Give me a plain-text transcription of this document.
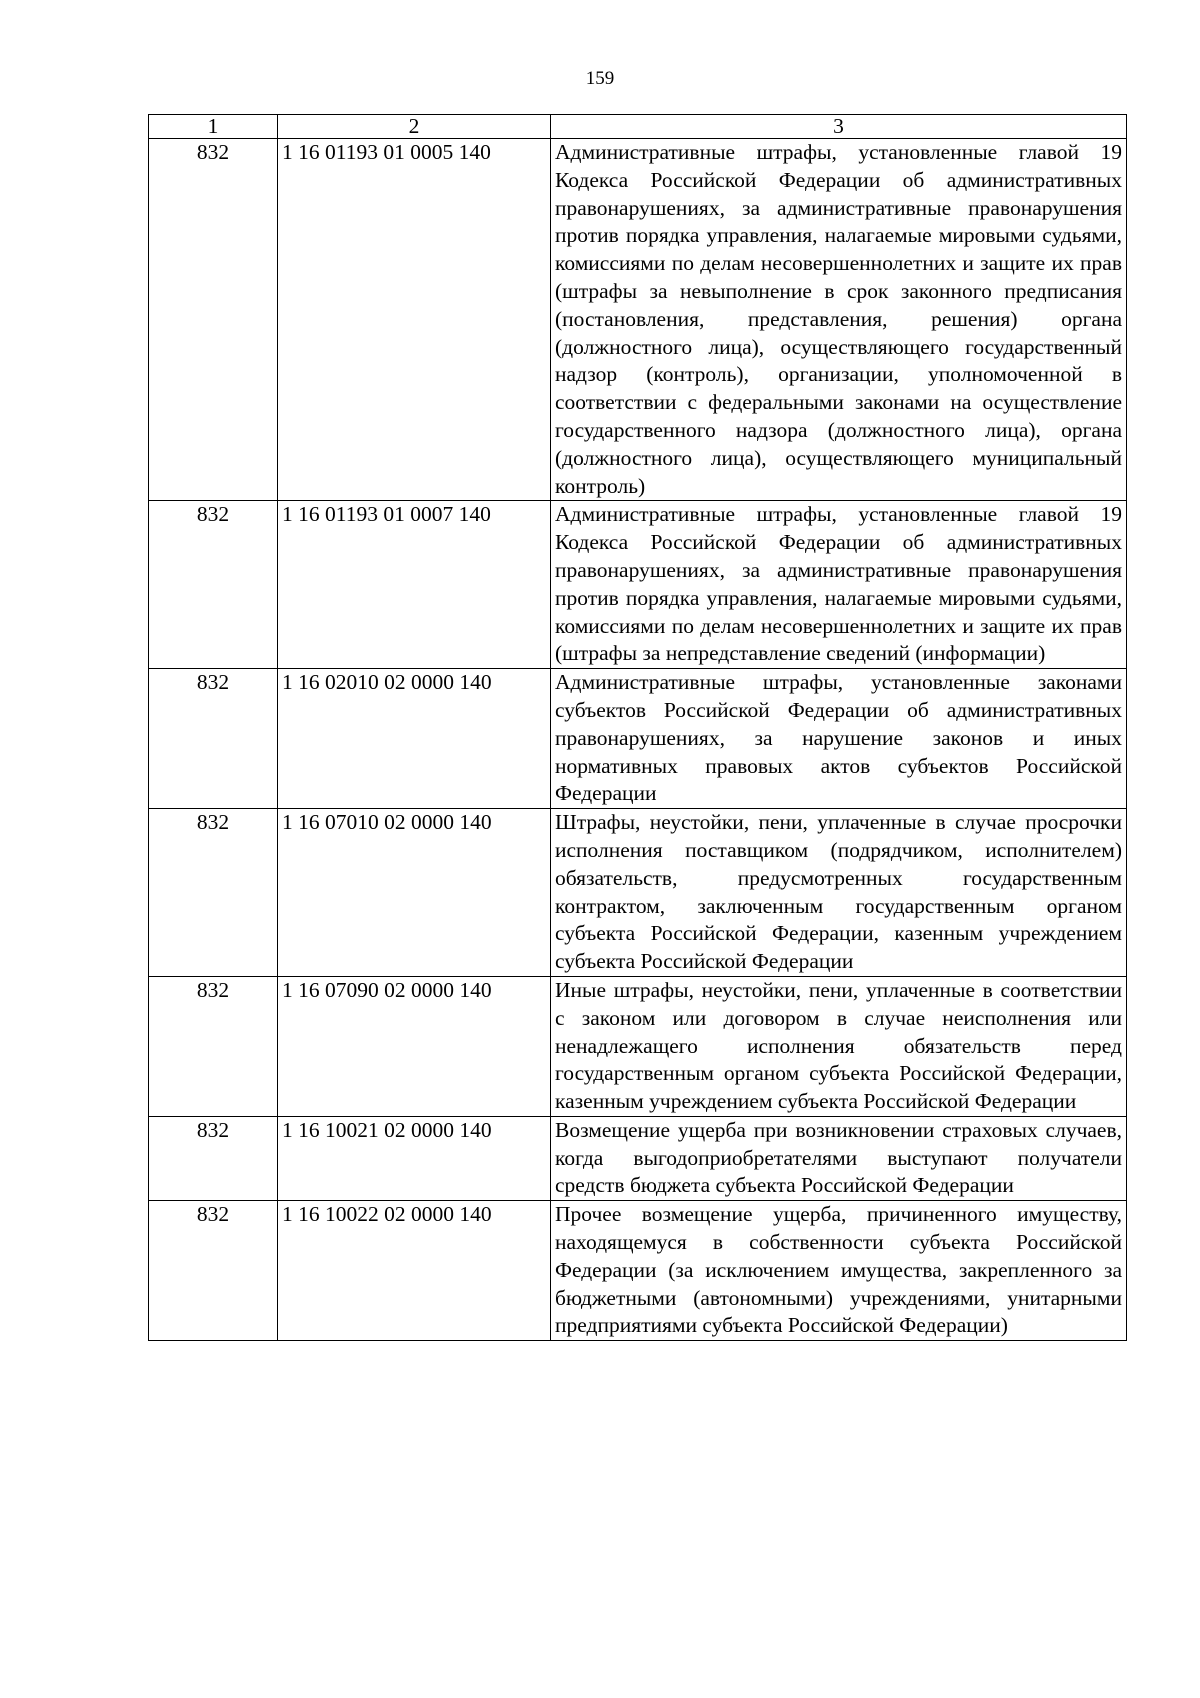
159
1	2	3
832	1 16 01193 01 0005 140	Административные штрафы, установленные главой 19 Кодекса Российской Федерации об административных правонарушениях, за административные правонарушения против порядка управления, налагаемые мировыми судьями, комиссиями по делам несовершеннолетних и защите их прав (штрафы за невыполнение в срок законного предписания (постановления, представления, решения) органа (должностного лица), осуществляющего государственный надзор (контроль), организации, уполномоченной в соответствии с федеральными законами на осуществление государственного надзора (должностного лица), органа (должностного лица), осуществляющего муниципальный контроль)
832	1 16 01193 01 0007 140	Административные штрафы, установленные главой 19 Кодекса Российской Федерации об административных правонарушениях, за административные правонарушения против порядка управления, налагаемые мировыми судьями, комиссиями по делам несовершеннолетних и защите их прав (штрафы за непредставление сведений (информации)
832	1 16 02010 02 0000 140	Административные штрафы, установленные законами субъектов Российской Федерации об административных правонарушениях, за нарушение законов и иных нормативных правовых актов субъектов Российской Федерации
832	1 16 07010 02 0000 140	Штрафы, неустойки, пени, уплаченные в случае просрочки исполнения поставщиком (подрядчиком, исполнителем) обязательств, предусмотренных государственным контрактом, заключенным государственным органом субъекта Российской Федерации, казенным учреждением субъекта Российской Федерации
832	1 16 07090 02 0000 140	Иные штрафы, неустойки, пени, уплаченные в соответствии с законом или договором в случае неисполнения или ненадлежащего исполнения обязательств перед государственным органом субъекта Российской Федерации, казенным учреждением субъекта Российской Федерации
832	1 16 10021 02 0000 140	Возмещение ущерба при возникновении страховых случаев, когда выгодоприобретателями выступают получатели средств бюджета субъекта Российской Федерации
832	1 16 10022 02 0000 140	Прочее возмещение ущерба, причиненного имуществу, находящемуся в собственности субъекта Российской Федерации (за исключением имущества, закрепленного за бюджетными (автономными) учреждениями, унитарными предприятиями субъекта Российской Федерации)
